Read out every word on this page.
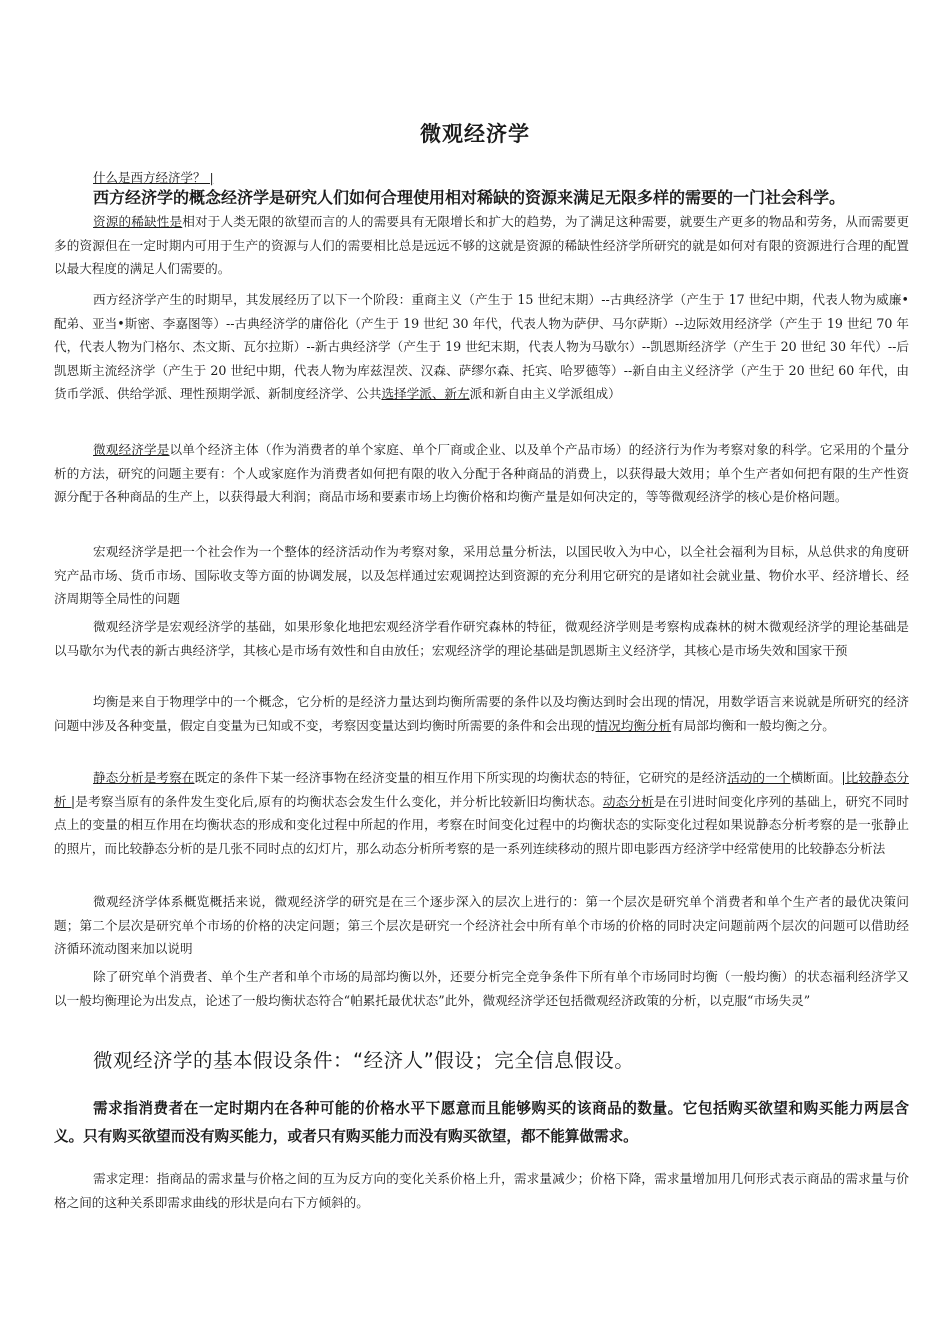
微观经济学
什么是西方经济学？ |
西方经济学的概念经济学是研究人们如何合理使用相对稀缺的资源来满足无限多样的需要的一门社会科学。

资源的稀缺性是相对于人类无限的欲望而言的人的需要具有无限增长和扩大的趋势，为了满足这种需要，就要生产更多的物品和劳务，从而需要更多的资源但在一定时期内可用于生产的资源与人们的需要相比总是远远不够的这就是资源的稀缺性经济学所研究的就是如何对有限的资源进行合理的配置以最大程度的满足人们需要的。

西方经济学产生的时期早，其发展经历了以下一个阶段：重商主义（产生于 15 世纪末期）--古典经济学（产生于 17 世纪中期，代表人物为威廉•配弟、亚当•斯密、李嘉图等）--古典经济学的庸俗化（产生于 19 世纪 30 年代，代表人物为萨伊、马尔萨斯）--边际效用经济学（产生于 19 世纪 70 年代，代表人物为门格尔、杰文斯、瓦尔拉斯）--新古典经济学（产生于 19 世纪末期，代表人物为马歇尔）--凯恩斯经济学（产生于 20 世纪 30 年代）--后凯恩斯主流经济学（产生于 20 世纪中期，代表人物为库兹涅茨、汉森、萨缪尔森、托宾、哈罗德等）--新自由主义经济学（产生于 20 世纪 60 年代，由货币学派、供给学派、理性预期学派、新制度经济学、公共选择学派、新左派和新自由主义学派组成）

微观经济学是以单个经济主体（作为消费者的单个家庭、单个厂商或企业、以及单个产品市场）的经济行为作为考察对象的科学。它采用的个量分析的方法，研究的问题主要有：个人或家庭作为消费者如何把有限的收入分配于各种商品的消费上，以获得最大效用；单个生产者如何把有限的生产性资源分配于各种商品的生产上，以获得最大利润；商品市场和要素市场上均衡价格和均衡产量是如何决定的，等等微观经济学的核心是价格问题。

宏观经济学是把一个社会作为一个整体的经济活动作为考察对象，采用总量分析法，以国民收入为中心，以全社会福利为目标，从总供求的角度研究产品市场、货币市场、国际收支等方面的协调发展，以及怎样通过宏观调控达到资源的充分利用它研究的是诸如社会就业量、物价水平、经济增长、经济周期等全局性的问题

微观经济学是宏观经济学的基础，如果形象化地把宏观经济学看作研究森林的特征，微观经济学则是考察构成森林的树木微观经济学的理论基础是以马歇尔为代表的新古典经济学，其核心是市场有效性和自由放任；宏观经济学的理论基础是凯恩斯主义经济学，其核心是市场失效和国家干预

均衡是来自于物理学中的一个概念，它分析的是经济力量达到均衡所需要的条件以及均衡达到时会出现的情况，用数学语言来说就是所研究的经济问题中涉及各种变量，假定自变量为已知或不变，考察因变量达到均衡时所需要的条件和会出现的情况均衡分析有局部均衡和一般均衡之分。

静态分析是考察在既定的条件下某一经济事物在经济变量的相互作用下所实现的均衡状态的特征，它研究的是经济活动的一个横断面。|比较静态分析 |是考察当原有的条件发生变化后,原有的均衡状态会发生什么变化，并分析比较新旧均衡状态。动态分析是在引进时间变化序列的基础上，研究不同时点上的变量的相互作用在均衡状态的形成和变化过程中所起的作用，考察在时间变化过程中的均衡状态的实际变化过程如果说静态分析考察的是一张静止的照片，而比较静态分析的是几张不同时点的幻灯片，那么动态分析所考察的是一系列连续移动的照片即电影西方经济学中经常使用的比较静态分析法

微观经济学体系概览概括来说，微观经济学的研究是在三个逐步深入的层次上进行的：第一个层次是研究单个消费者和单个生产者的最优决策问题；第二个层次是研究单个市场的价格的决定问题；第三个层次是研究一个经济社会中所有单个市场的价格的同时决定问题前两个层次的问题可以借助经济循环流动图来加以说明

除了研究单个消费者、单个生产者和单个市场的局部均衡以外，还要分析完全竞争条件下所有单个市场同时均衡（一般均衡）的状态福利经济学又以一般均衡理论为出发点，论述了一般均衡状态符合“帕累托最优状态”此外，微观经济学还包括微观经济政策的分析，以克服“市场失灵”

微观经济学的基本假设条件：“经济人”假设；完全信息假设。

需求指消费者在一定时期内在各种可能的价格水平下愿意而且能够购买的该商品的数量。它包括购买欲望和购买能力两层含义。只有购买欲望而没有购买能力，或者只有购买能力而没有购买欲望，都不能算做需求。

需求定理：指商品的需求量与价格之间的互为反方向的变化关系价格上升，需求量减少；价格下降，需求量增加用几何形式表示商品的需求量与价格之间的这种关系即需求曲线的形状是向右下方倾斜的。
